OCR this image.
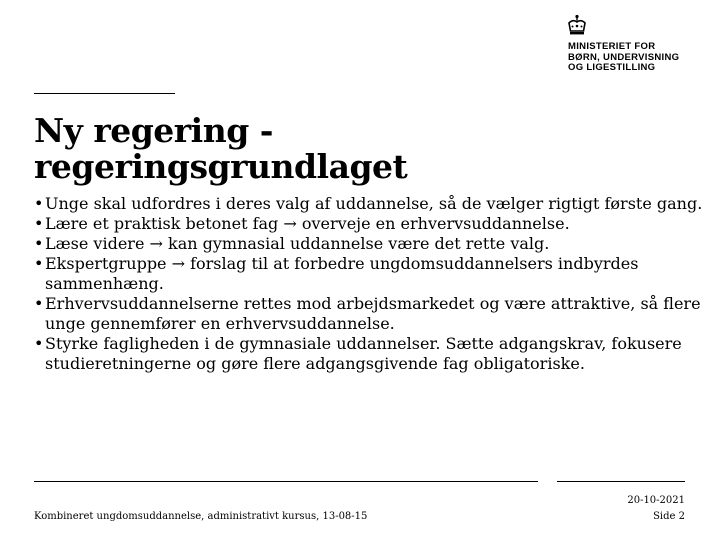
MINISTERIET FOR
BØRN, UNDERVISNING
OG LIGESTILLING
Ny regering -
regeringsgrundlaget
• Unge skal udfordres i deres valg af uddannelse, så de vælger rigtigt første gang.
• Lære et praktisk betonet fag → overveje en erhvervsuddannelse.
• Læse videre → kan gymnasial uddannelse være det rette valg.
• Ekspertgruppe → forslag til at forbedre ungdomsuddannelsers indbyrdes sammenhæng.
• Erhvervsuddannelserne rettes mod arbejdsmarkedet og være attraktive, så flere unge gennemfører en erhvervsuddannelse.
• Styrke fagligheden i de gymnasiale uddannelser. Sætte adgangskrav, fokusere studieretningerne og gøre flere adgangsgivende fag obligatoriske.
Kombineret ungdomsuddannelse, administrativt kursus, 13-08-15
20-10-2021
Side 2
